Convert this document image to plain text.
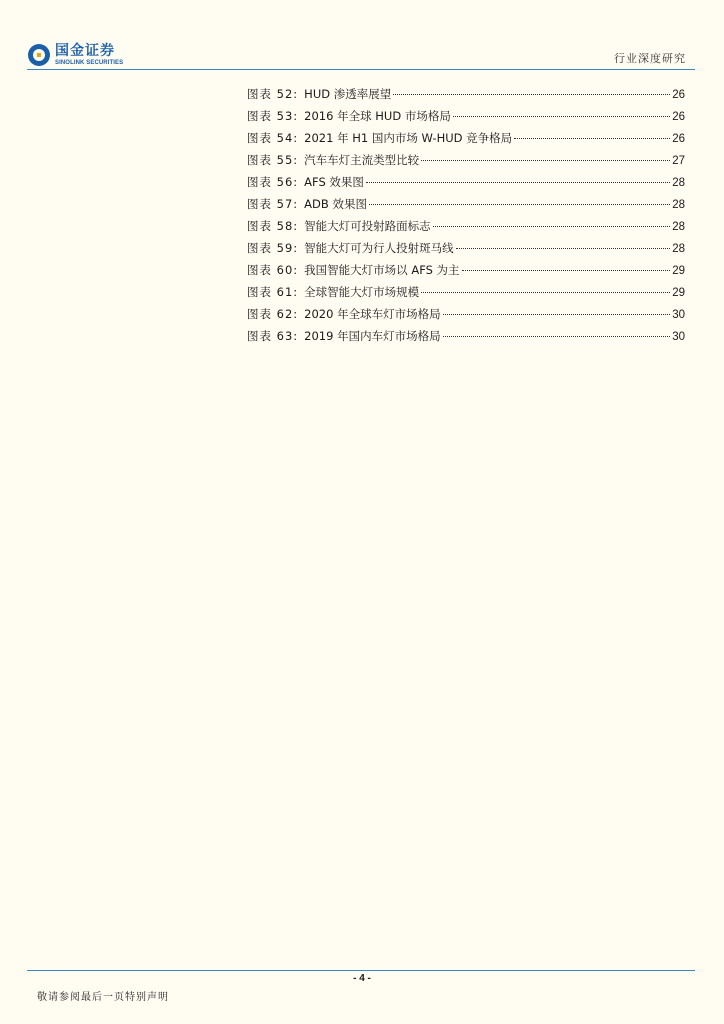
国金证券
SINOLINK SECURITIES	行业深度研究
图表 52: HUD 渗透率展望	26
图表 53: 2016 年全球 HUD 市场格局	26
图表 54: 2021 年 H1 国内市场 W-HUD 竞争格局	26
图表 55: 汽车车灯主流类型比较	27
图表 56: AFS 效果图	28
图表 57: ADB 效果图	28
图表 58: 智能大灯可投射路面标志	28
图表 59: 智能大灯可为行人投射斑马线	28
图表 60: 我国智能大灯市场以 AFS 为主	29
图表 61: 全球智能大灯市场规模	29
图表 62: 2020 年全球车灯市场格局	30
图表 63: 2019 年国内车灯市场格局	30
- 4 -
敬请参阅最后一页特别声明
